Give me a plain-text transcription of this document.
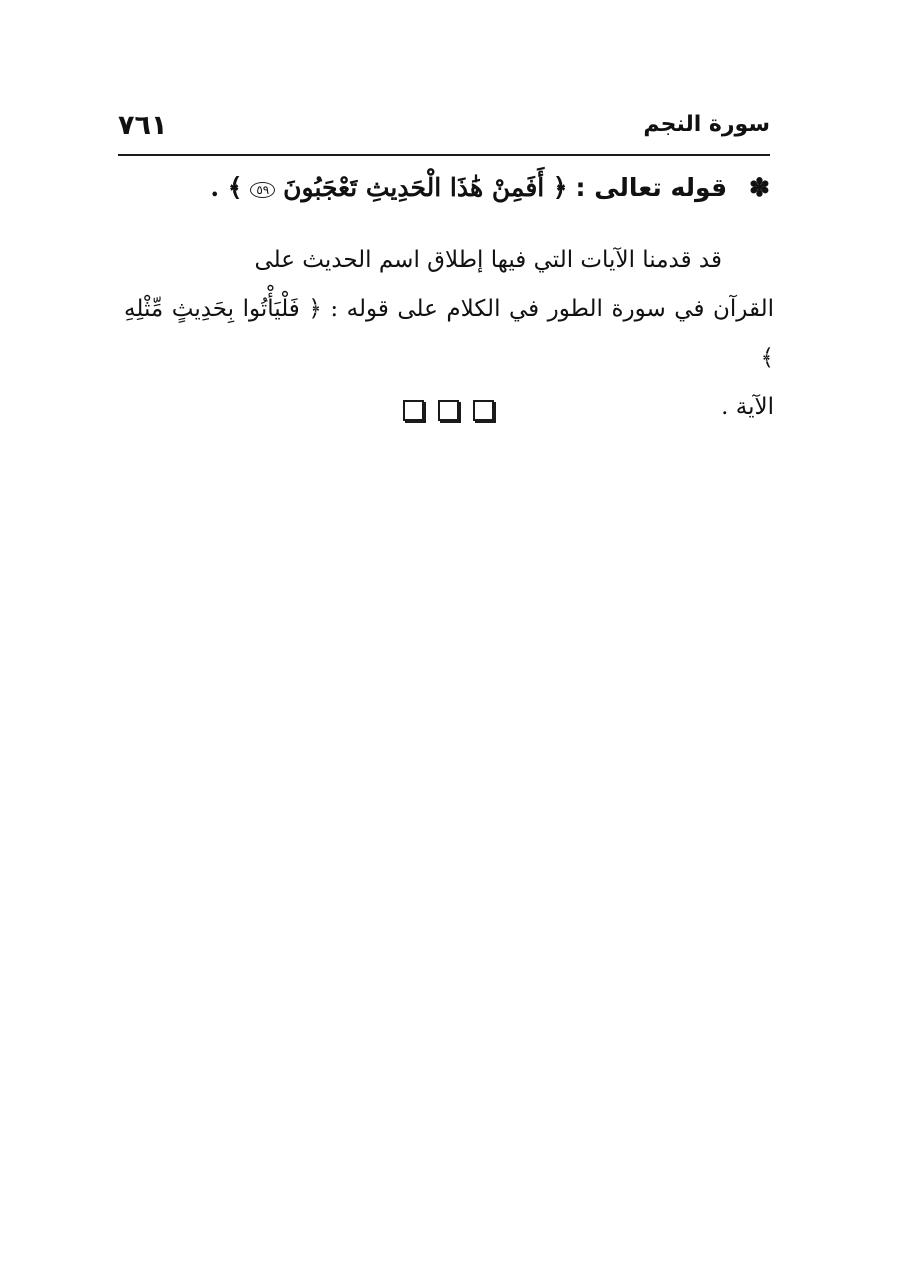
٧٦١	سورة النجم
✽ قوله تعالى : ﴿ أَفَمِنْ هَٰذَا الْحَدِيثِ تَعْجَبُونَ ٥٩ ﴾ .
قد قدمنا الآيات التي فيها إطلاق اسم الحديث على
القرآن في سورة الطور في الكلام على قوله : ﴿ فَلْيَأْتُوا بِحَدِيثٍ مِّثْلِهِ ﴾
الآية .
